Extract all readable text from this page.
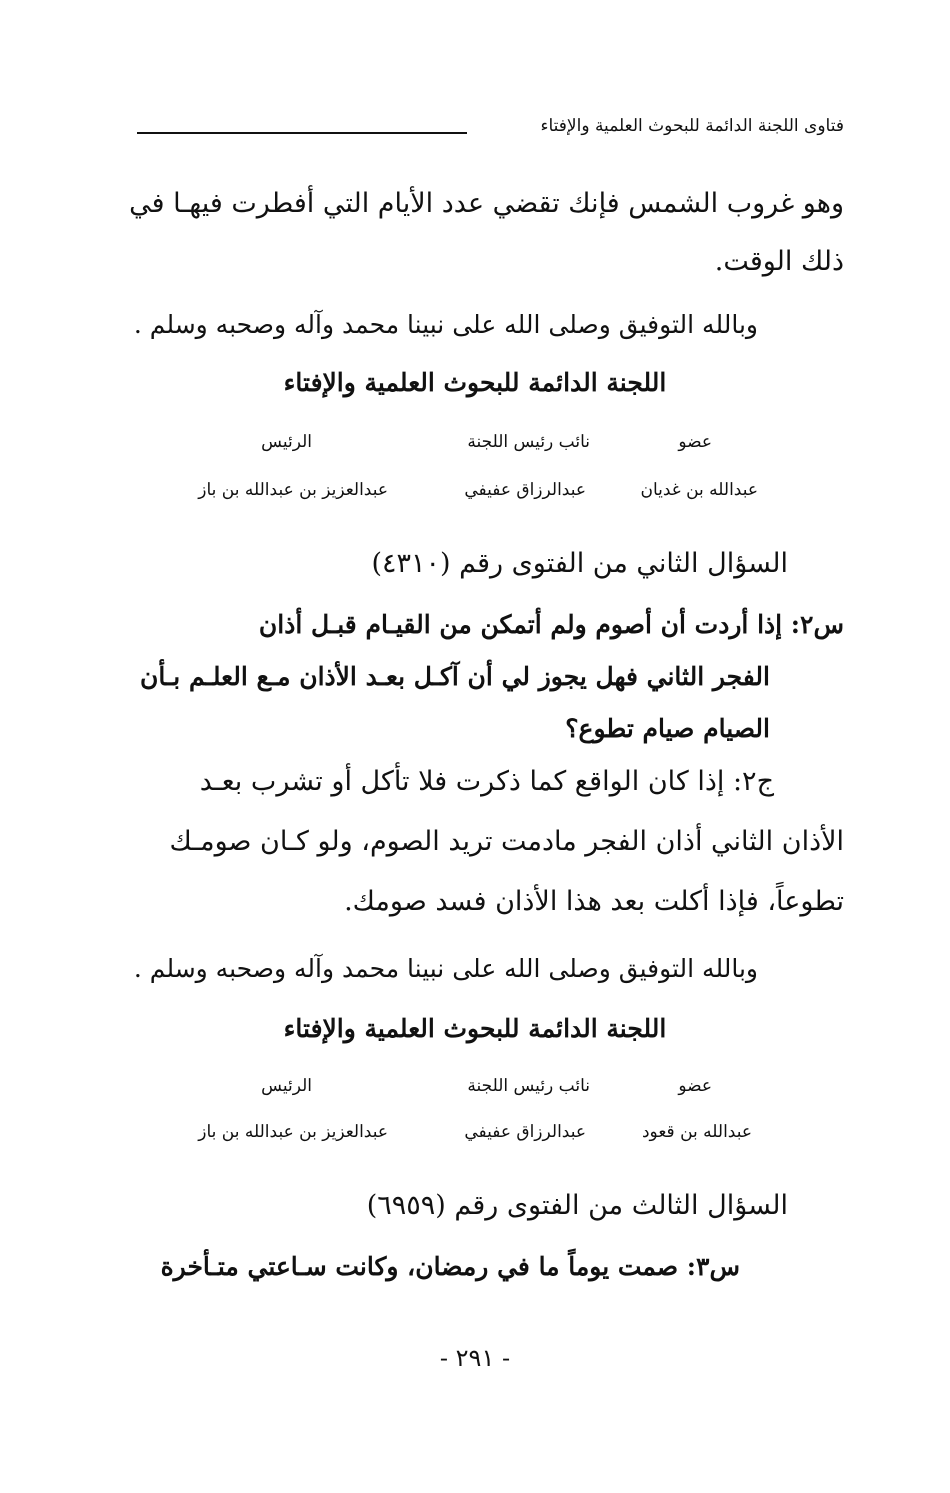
فتاوى اللجنة الدائمة للبحوث العلمية والإفتاء
وهو غروب الشمس فإنك تقضي عدد الأيام التي أفطرت فيهـا في
ذلك الوقت.
وبالله التوفيق وصلى الله على نبينا محمد وآله وصحبه وسلم .
اللجنة الدائمة للبحوث العلمية والإفتاء
عضو
نائب رئيس اللجنة
الرئيس
عبدالله بن غديان
عبدالرزاق عفيفي
عبدالعزيز بن عبدالله بن باز
السؤال الثاني من الفتوى رقم (٤٣١٠)
س٢: إذا أردت أن أصوم ولم أتمكن من القيـام قبـل أذان
الفجر الثاني فهل يجوز لي أن آكـل بعـد الأذان مـع العلـم بـأن
الصيام صيام تطوع؟
ج٢: إذا كان الواقع كما ذكرت فلا تأكل أو تشرب بعـد
الأذان الثاني أذان الفجر مادمت تريد الصوم، ولو كـان صومـك
تطوعاً، فإذا أكلت بعد هذا الأذان فسد صومك.
وبالله التوفيق وصلى الله على نبينا محمد وآله وصحبه وسلم .
اللجنة الدائمة للبحوث العلمية والإفتاء
عضو
نائب رئيس اللجنة
الرئيس
عبدالله بن قعود
عبدالرزاق عفيفي
عبدالعزيز بن عبدالله بن باز
السؤال الثالث من الفتوى رقم (٦٩٥٩)
س٣: صمت يوماً ما في رمضان، وكانت سـاعتي متـأخرة
- ٢٩١ -
